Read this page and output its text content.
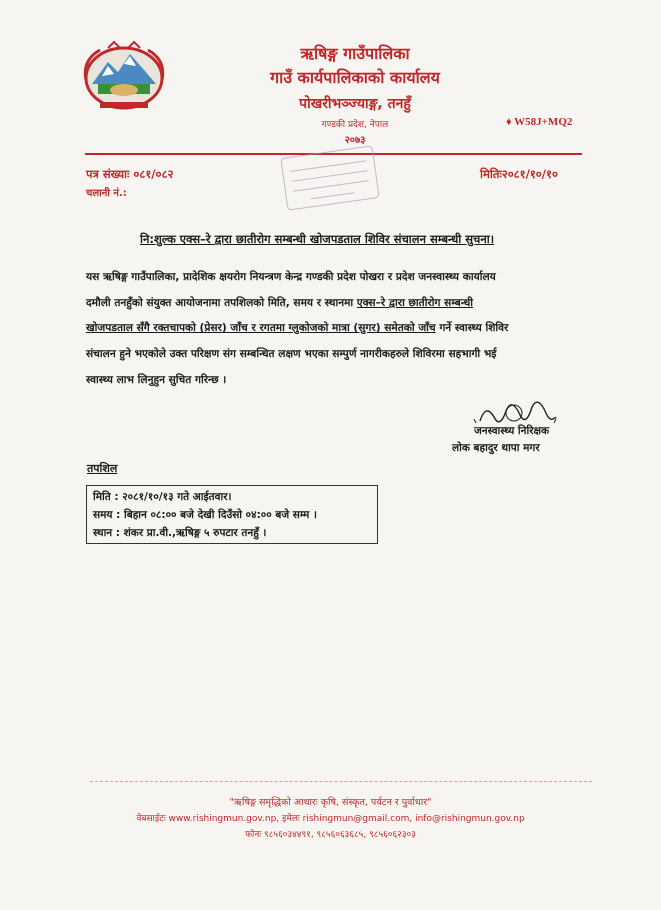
ऋषिङ्ग गाउँपालिका
गाउँ कार्यपालिकाको कार्यालय
पोखरीभञ्ज्याङ्ग, तनहुँ
गण्डकी प्रदेश, नेपाल
२०७३
♦ W58J+MQ2
पत्र संख्याः ०८१/०८२
चलानी नं.:
मितिः२०८१/१०/१०
नि:शुल्क एक्स–रे द्वारा छातीरोग सम्बन्धी खोजपडताल शिविर संचालन सम्बन्धी सुचना।
यस ऋषिङ्ग गाउँपालिका, प्रादेशिक क्षयरोग नियन्त्रण केन्द्र गण्डकी प्रदेश पोखरा र प्रदेश जनस्वास्थ्य कार्यालय
दमौली तनहुँको संयुक्त आयोजनामा तपशिलको मिति, समय र स्थानमा एक्स–रे द्वारा छातीरोग सम्बन्धी
खोजपडताल सँगै रक्तचापको (प्रेसर) जाँच र रगतमा ग्लुकोजको मात्रा (सुगर) समेतको जाँच गर्ने स्वास्थ्य शिविर
संचालन हुने भएकोले उक्त परिक्षण संग सम्बन्धित लक्षण भएका सम्पुर्ण नागरीकहरुले शिविरमा सहभागी भई
स्वास्थ्य लाभ लिनुहुन सुचित गरिन्छ ।
जनस्वास्थ्य निरिक्षक
लोक बहादुर थापा मगर
तपशिल
मिति : २०८१/१०/१३ गते आईतवार।
समय : बिहान ०८:०० बजे देखी दिउँसो ०४:०० बजे सम्म ।
स्थान : शंकर प्रा.वी.,ऋषिङ्ग ५ रुपटार तनहुँ ।
"ऋषिङ्ग समृद्धिको आधारः कृषि, संस्कृत, पर्यटन र पुर्वाधार"
वेबसाईटः www.rishingmun.gov.np, इमेलः rishingmun@gmail.com, info@rishingmun.gov.np
फोनः ९८५६०३४४९१, ९८५६०६३६८५, ९८५६०६२३०३
